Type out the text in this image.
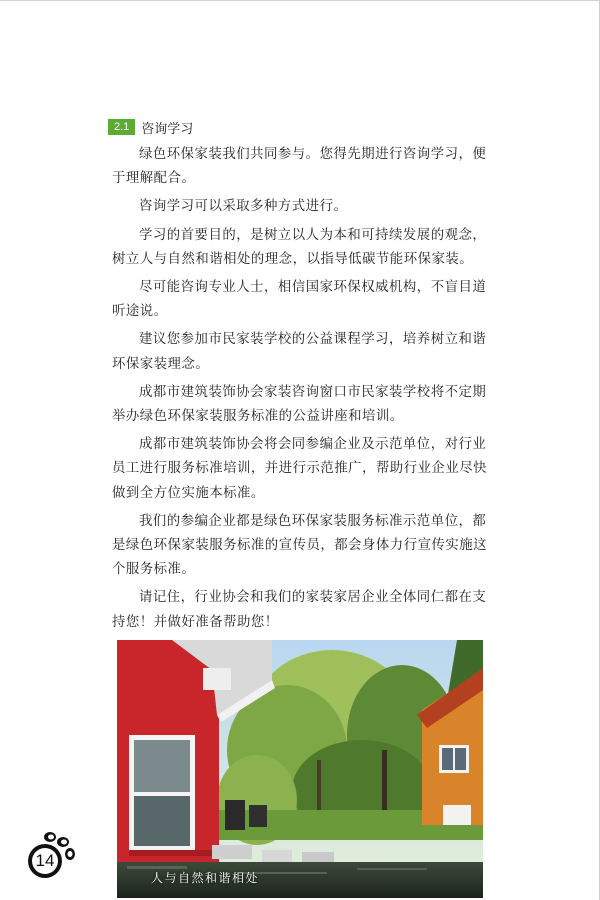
2.1 咨询学习

绿色环保家装我们共同参与。您得先期进行咨询学习，便于理解配合。

咨询学习可以采取多种方式进行。

学习的首要目的，是树立以人为本和可持续发展的观念，树立人与自然和谐相处的理念，以指导低碳节能环保家装。

尽可能咨询专业人士，相信国家环保权威机构，不盲目道听途说。

建议您参加市民家装学校的公益课程学习，培养树立和谐环保家装理念。

成都市建筑装饰协会家装咨询窗口市民家装学校将不定期举办绿色环保家装服务标准的公益讲座和培训。

成都市建筑装饰协会将会同参编企业及示范单位，对行业员工进行服务标准培训，并进行示范推广，帮助行业企业尽快做到全方位实施本标准。

我们的参编企业都是绿色环保家装服务标准示范单位，都是绿色环保家装服务标准的宣传员，都会身体力行宣传实施这个服务标准。

请记住，行业协会和我们的家装家居企业全体同仁都在支持您！并做好准备帮助您！

人与自然和谐相处
14
